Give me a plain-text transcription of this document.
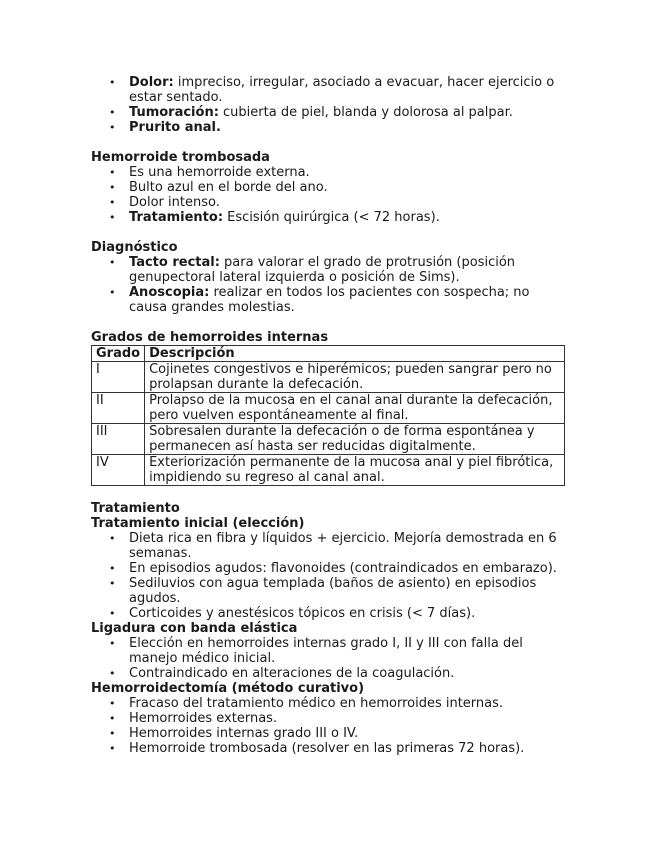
• Dolor: impreciso, irregular, asociado a evacuar, hacer ejercicio o estar sentado.
• Tumoración: cubierta de piel, blanda y dolorosa al palpar.
• Prurito anal.
Hemorroide trombosada
• Es una hemorroide externa.
• Bulto azul en el borde del ano.
• Dolor intenso.
• Tratamiento: Escisión quirúrgica (< 72 horas).
Diagnóstico
• Tacto rectal: para valorar el grado de protrusión (posición genupectoral lateral izquierda o posición de Sims).
• Anoscopia: realizar en todos los pacientes con sospecha; no causa grandes molestias.
Grados de hemorroides internas
Grado	Descripción
I	Cojinetes congestivos e hiperémicos; pueden sangrar pero no prolapsan durante la defecación.
II	Prolapso de la mucosa en el canal anal durante la defecación, pero vuelven espontáneamente al final.
III	Sobresalen durante la defecación o de forma espontánea y permanecen así hasta ser reducidas digitalmente.
IV	Exteriorización permanente de la mucosa anal y piel fibrótica, impidiendo su regreso al canal anal.
Tratamiento
Tratamiento inicial (elección)
• Dieta rica en fibra y líquidos + ejercicio. Mejoría demostrada en 6 semanas.
• En episodios agudos: flavonoides (contraindicados en embarazo).
• Sediluvios con agua templada (baños de asiento) en episodios agudos.
• Corticoides y anestésicos tópicos en crisis (< 7 días).
Ligadura con banda elástica
• Elección en hemorroides internas grado I, II y III con falla del manejo médico inicial.
• Contraindicado en alteraciones de la coagulación.
Hemorroidectomía (método curativo)
• Fracaso del tratamiento médico en hemorroides internas.
• Hemorroides externas.
• Hemorroides internas grado III o IV.
• Hemorroide trombosada (resolver en las primeras 72 horas).
